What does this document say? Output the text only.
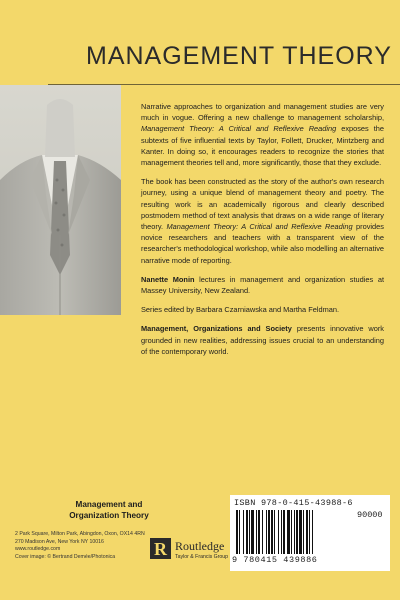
MANAGEMENT THEORY

Narrative approaches to organization and management studies are very much in vogue. Offering a new challenge to management scholarship, Management Theory: A Critical and Reflexive Reading exposes the subtexts of five influential texts by Taylor, Follett, Drucker, Mintzberg and Kanter. In doing so, it encourages readers to recognize the stories that management theories tell and, more significantly, those that they exclude.

The book has been constructed as the story of the author's own research journey, using a unique blend of management theory and poetry. The resulting work is an academically rigorous and clearly described postmodern method of text analysis that draws on a wide range of literary theory. Management Theory: A Critical and Reflexive Reading provides novice researchers and teachers with a transparent view of the researcher's methodological workshop, while also modelling an alternative narrative mode of reporting.

Nanette Monin lectures in management and organization studies at Massey University, New Zealand.

Series edited by Barbara Czarniawska and Martha Feldman.

Management, Organizations and Society presents innovative work grounded in new realities, addressing issues crucial to an understanding of the contemporary world.

Management and Organization Theory
2 Park Square, Milton Park, Abingdon, Oxon, OX14 4RN
270 Madison Ave, New York NY 10016
www.routledge.com
Cover image: © Bertrand Demée/Photonica	R Routledge
Taylor & Francis Group
ISBN 978-0-415-43988-6
90000
9 780415 439886
